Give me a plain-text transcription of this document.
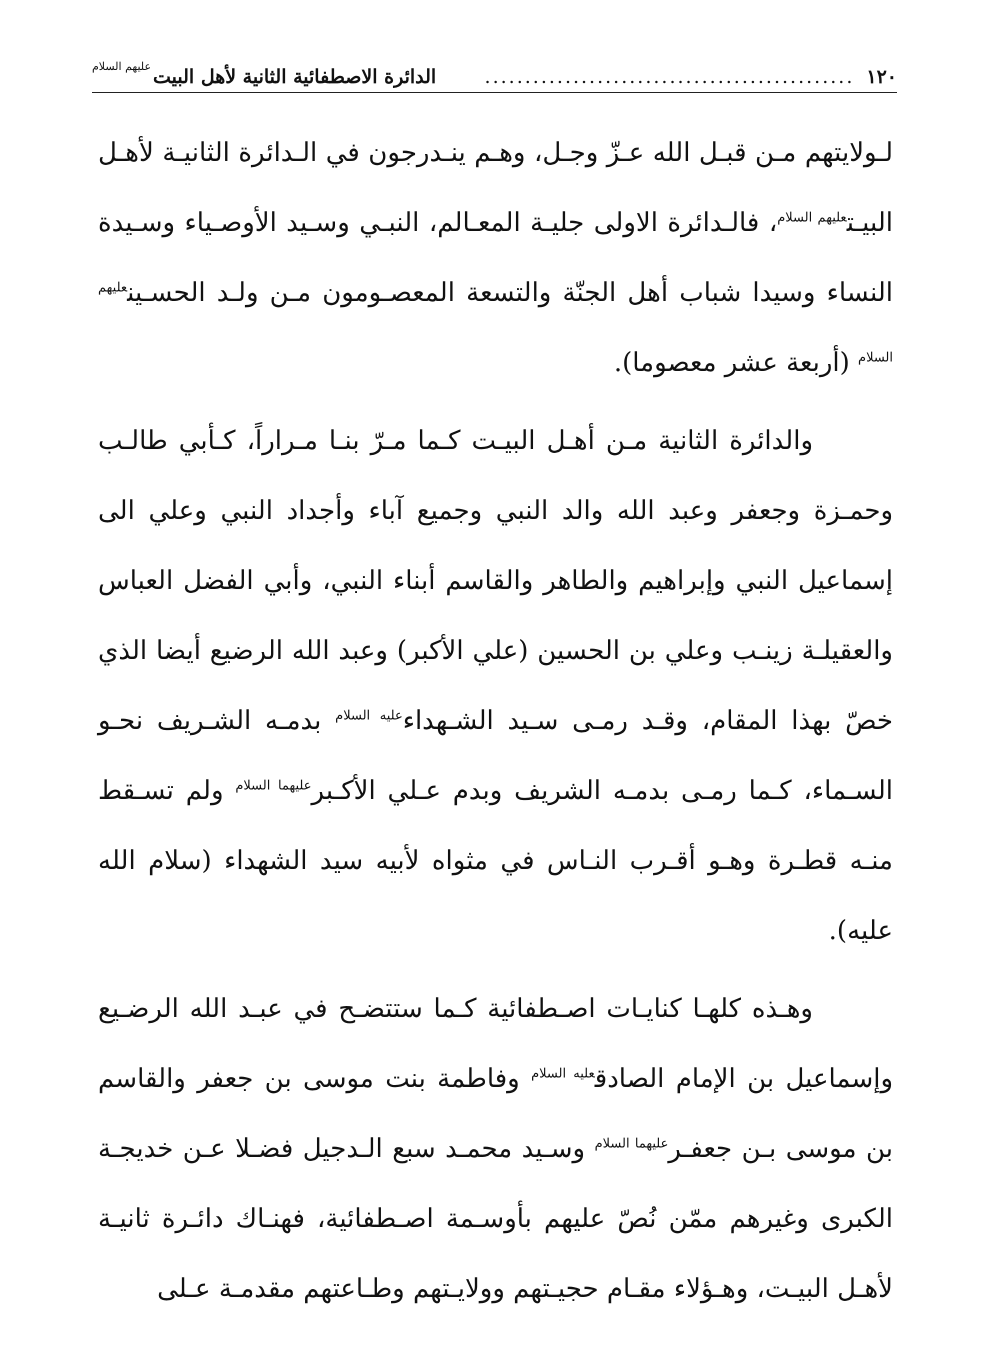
١٢٠
..............................................
الدائرة الاصطفائية الثانية لأهل البيت
عليهم السلام

لـولايتهم مـن قبـل الله عـزّ وجـل، وهـم ينـدرجون في الـدائرة الثانيـة لأهـل البيـت$^{عليهم السلام}$، فالـدائرة الاولى جليـة المعـالم، النبـي وسـيد الأوصـياء وسـيدة النساء وسيدا شباب أهل الجنّة والتسعة المعصـومون مـن ولـد الحسـين$^{عليهم السلام}$ (أربعة عشر معصوما).

والدائرة الثانية مـن أهـل البيـت كـما مـرّ بنـا مـراراً، كـأبي طالـب وحمـزة وجعفر وعبد الله والد النبي وجميع آباء وأجداد النبي وعلي الى إسماعيل النبي وإبراهيم والطاهر والقاسم أبناء النبي، وأبي الفضل العباس والعقيلـة زينـب وعلي بن الحسين (علي الأكبر) وعبد الله الرضيع أيضا الذي خصّ بهذا المقام، وقـد رمـى سـيد الشـهداء$^{عليه السلام}$ بدمـه الشـريف نحـو السـماء، كـما رمـى بدمـه الشريف وبدم عـلي الأكـبر$^{عليهما السلام}$ ولم تسـقط منـه قطـرة وهـو أقـرب النـاس في مثواه لأبيه سيد الشهداء (سلام الله عليه).

وهـذه كلهـا كنايـات اصـطفائية كـما ستتضـح في عبـد الله الرضـيع وإسماعيل بن الإمام الصادق$^{عليه السلام}$ وفاطمة بنت موسى بن جعفر والقاسم بن موسى بـن جعفـر$^{عليهما السلام}$ وسـيد محمـد سبع الـدجيل فضـلا عـن خديجـة الكبرى وغيرهم ممّن نُصّ عليهم بأوسـمة اصـطفائية، فهنـاك دائـرة ثانيـة لأهـل البيـت، وهـؤلاء مقـام حجيـتهم وولايـتهم وطـاعتهم مقدمـة عـلى
